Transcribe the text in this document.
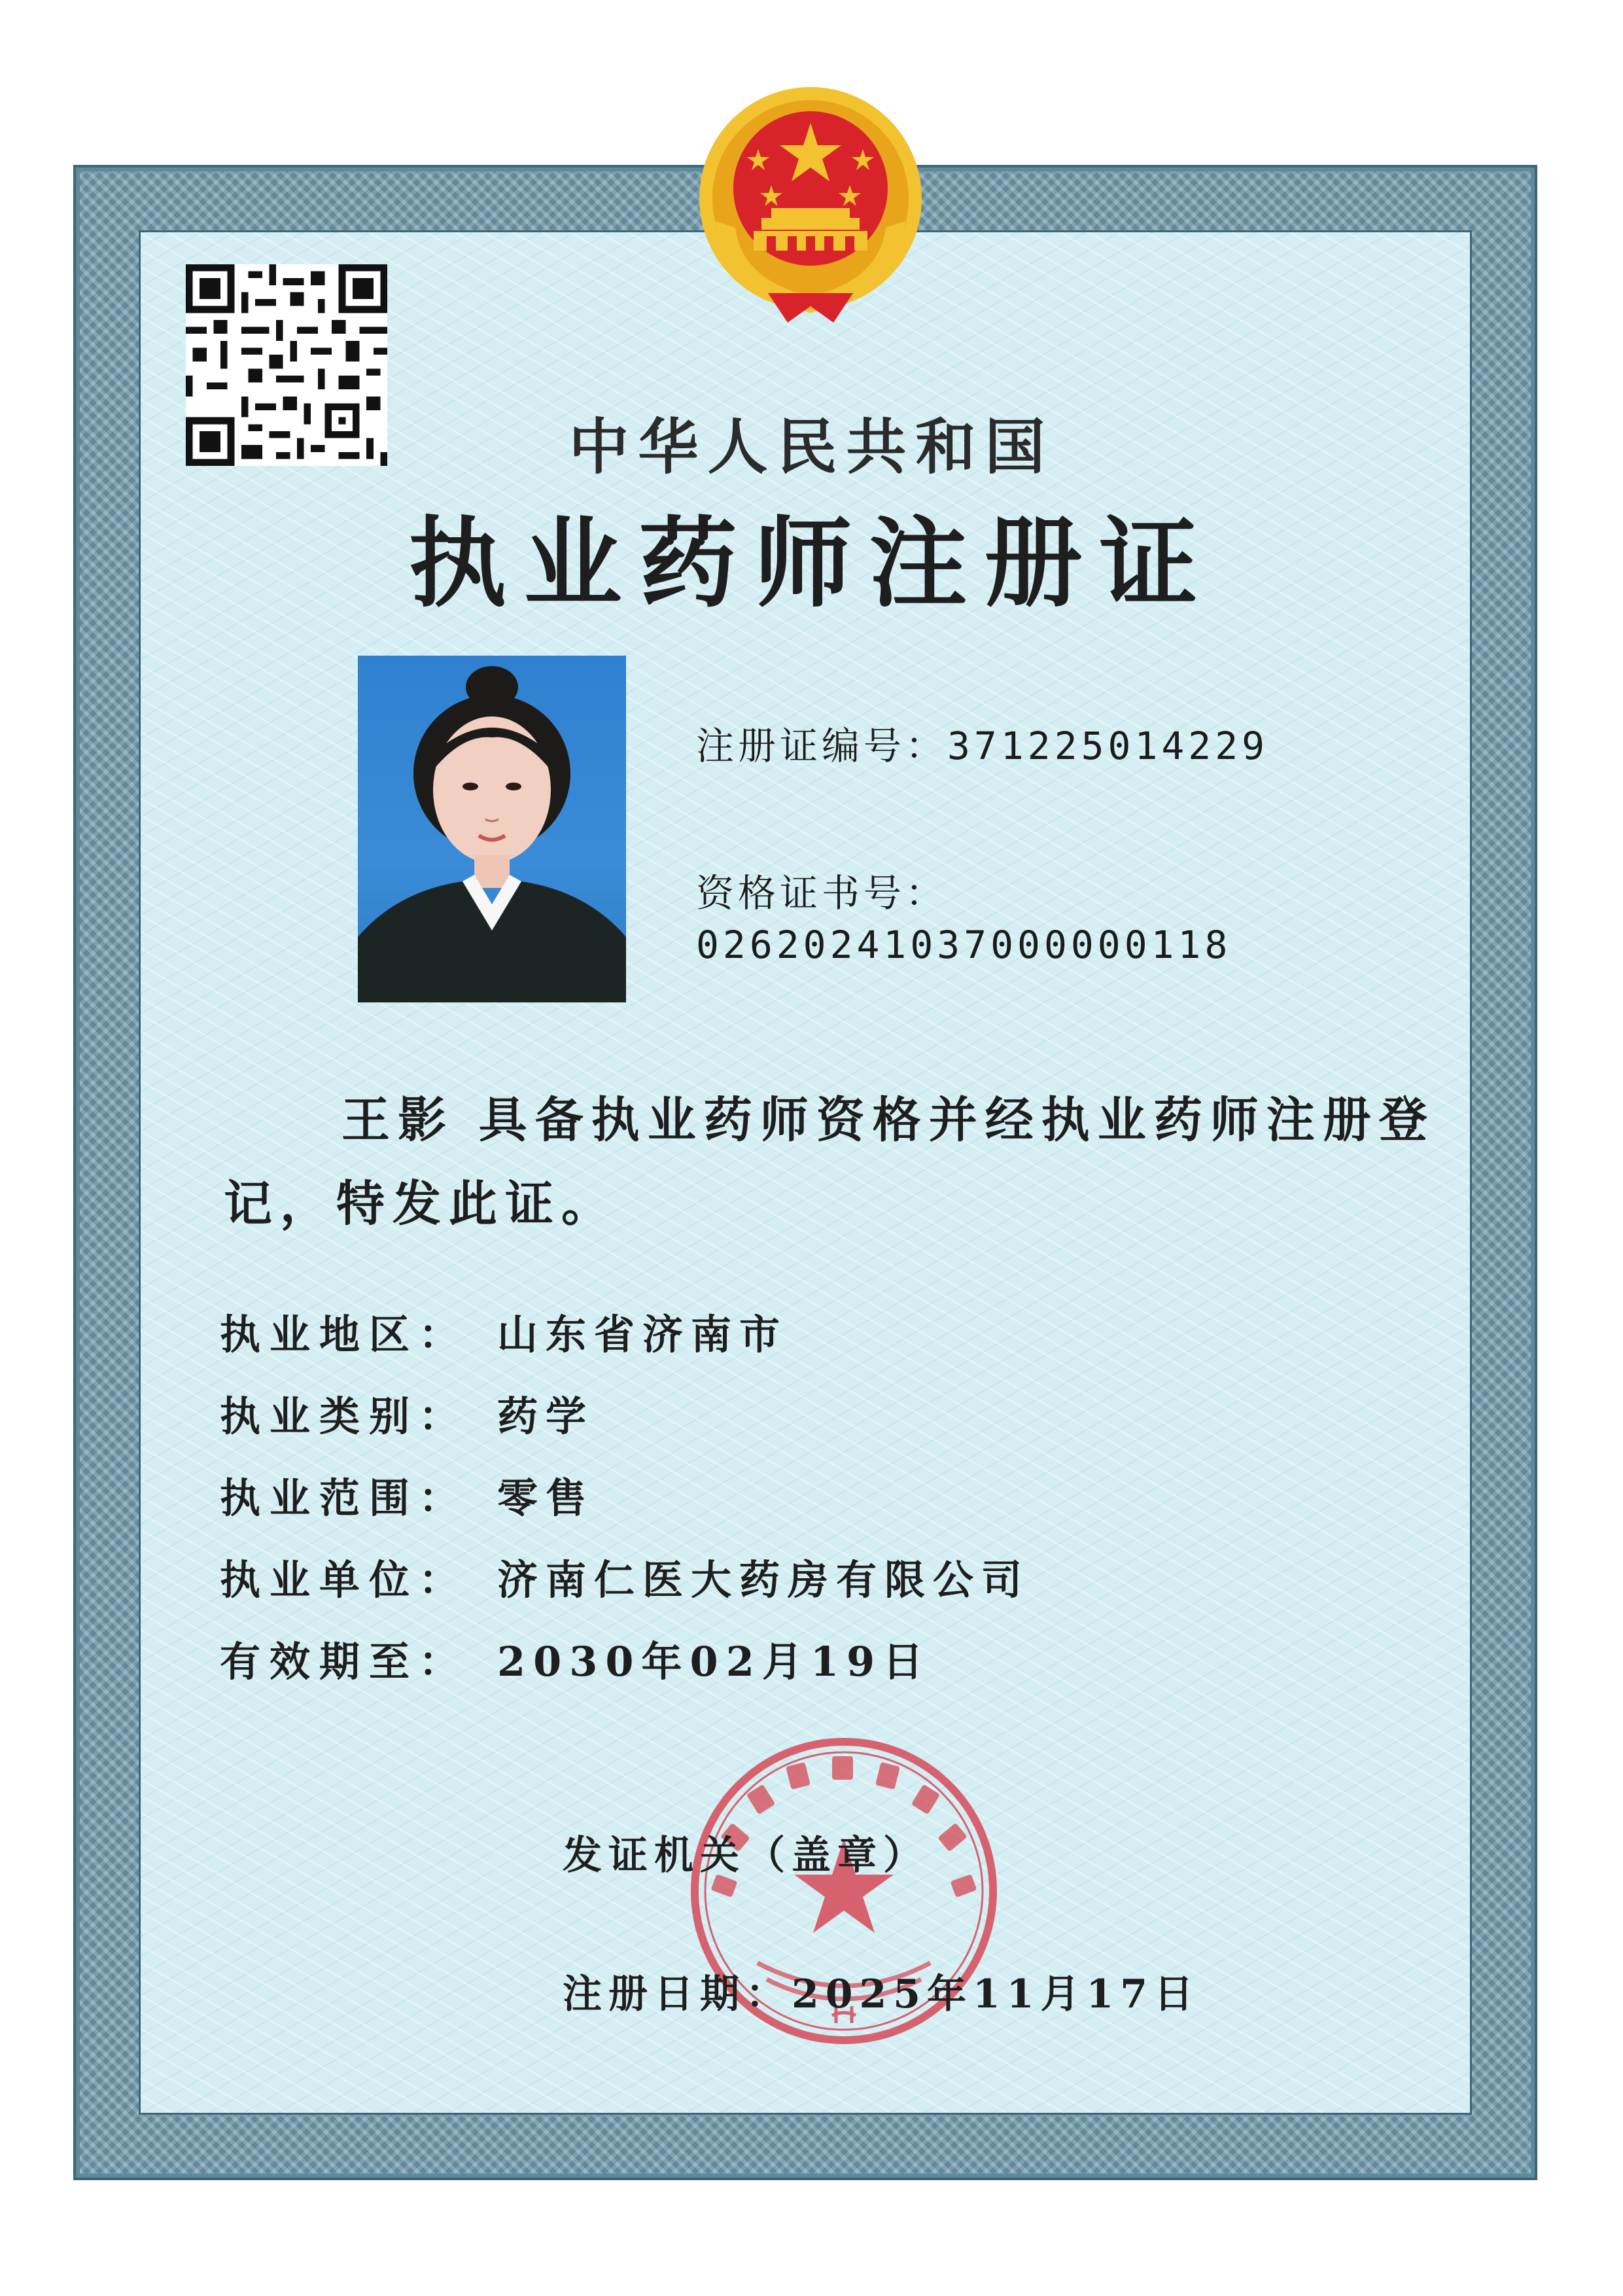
中华人民共和国
执业药师注册证
注册证编号：371225014229
资格证书号：
02620241037000000118
王影 具备执业药师资格并经执业药师注册登记，特发此证。
执业地区： 山东省济南市
执业类别： 药学
执业范围： 零售
执业单位： 济南仁医大药房有限公司
有效期至： 2030年02月19日
发证机关（盖章）
注册日期：2025年11月17日
